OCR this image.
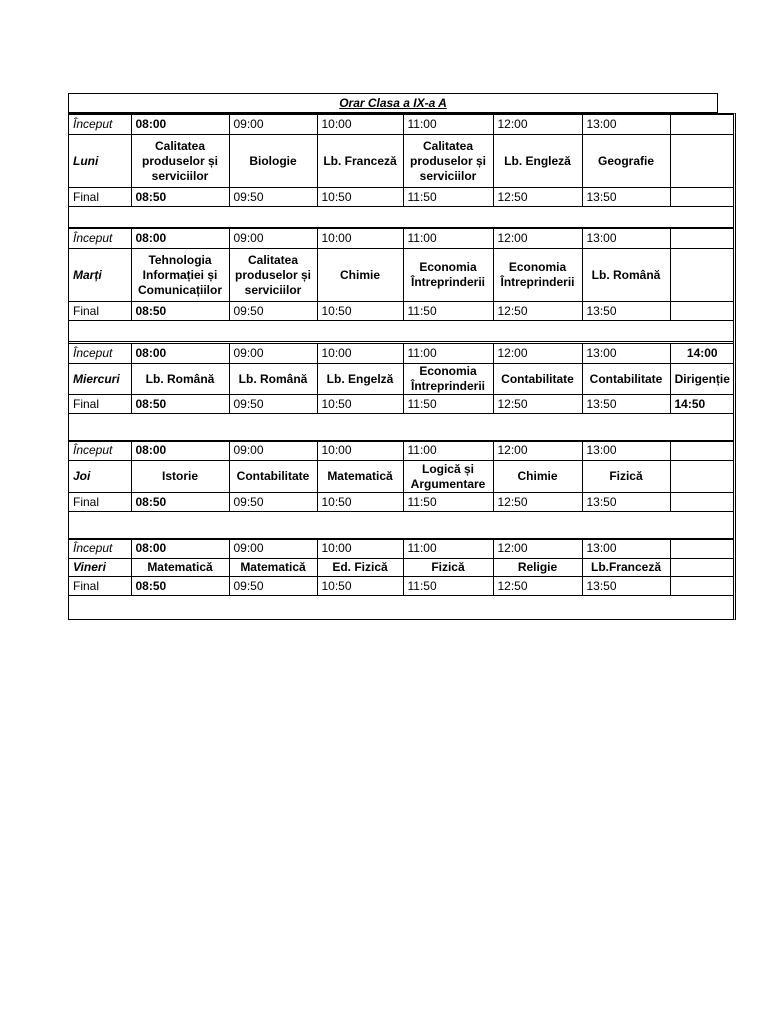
Orar Clasa a IX-a A
Început	08:00	09:00	10:00	11:00	12:00	13:00	
Luni	Calitatea produselor și serviciilor	Biologie	Lb. Franceză	Calitatea produselor și serviciilor	Lb. Engleză	Geografie	
Final	08:50	09:50	10:50	11:50	12:50	13:50	
Început	08:00	09:00	10:00	11:00	12:00	13:00	
Marți	Tehnologia Informației și Comunicațiilor	Calitatea produselor și serviciilor	Chimie	Economia Întreprinderii	Economia Întreprinderii	Lb. Română	
Final	08:50	09:50	10:50	11:50	12:50	13:50	
Început	08:00	09:00	10:00	11:00	12:00	13:00	14:00
Miercuri	Lb. Română	Lb. Română	Lb. Engelză	Economia Întreprinderii	Contabilitate	Contabilitate	Dirigenție
Final	08:50	09:50	10:50	11:50	12:50	13:50	14:50
Început	08:00	09:00	10:00	11:00	12:00	13:00	
Joi	Istorie	Contabilitate	Matematică	Logică și Argumentare	Chimie	Fizică	
Final	08:50	09:50	10:50	11:50	12:50	13:50	
Început	08:00	09:00	10:00	11:00	12:00	13:00	
Vineri	Matematică	Matematică	Ed. Fizică	Fizică	Religie	Lb.Franceză	
Final	08:50	09:50	10:50	11:50	12:50	13:50	
